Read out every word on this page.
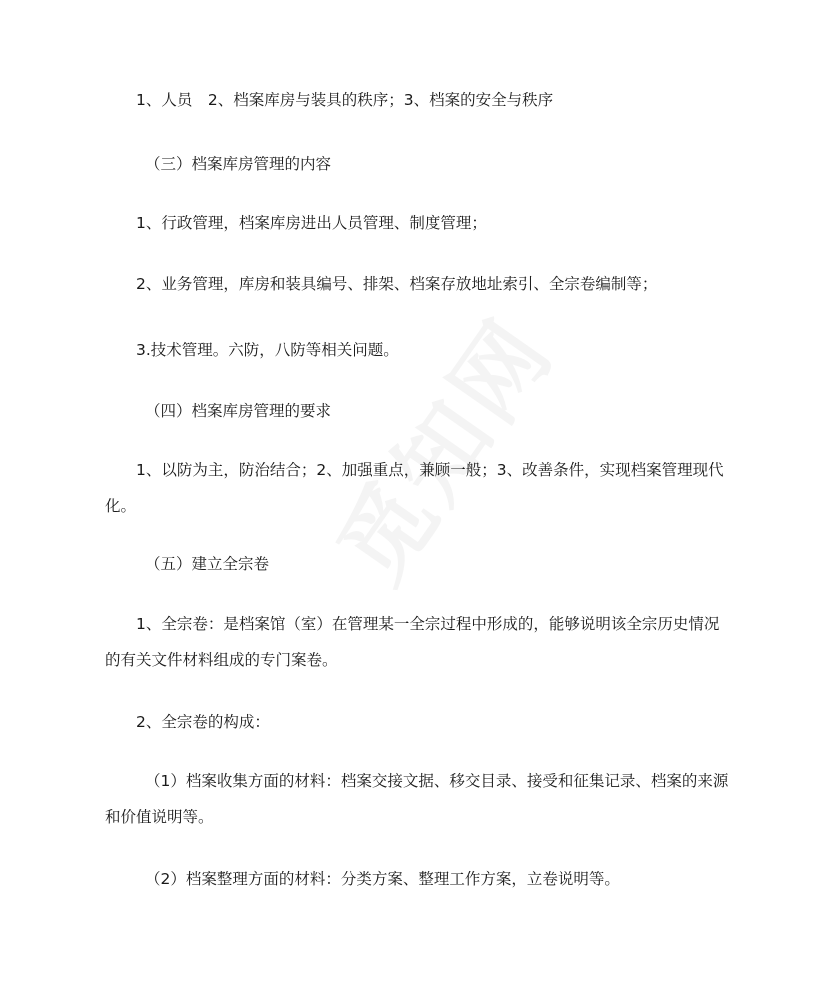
1、人员　2、档案库房与装具的秩序；3、档案的安全与秩序

（三）档案库房管理的内容

1、行政管理，档案库房进出人员管理、制度管理；

2、业务管理，库房和装具编号、排架、档案存放地址索引、全宗卷编制等；

3.技术管理。六防，八防等相关问题。

（四）档案库房管理的要求

1、以防为主，防治结合；2、加强重点，兼顾一般；3、改善条件，实现档案管理现代化。

（五）建立全宗卷

1、全宗卷：是档案馆（室）在管理某一全宗过程中形成的，能够说明该全宗历史情况的有关文件材料组成的专门案卷。

2、全宗卷的构成：

（1）档案收集方面的材料：档案交接文据、移交目录、接受和征集记录、档案的来源和价值说明等。

（2）档案整理方面的材料：分类方案、整理工作方案，立卷说明等。
